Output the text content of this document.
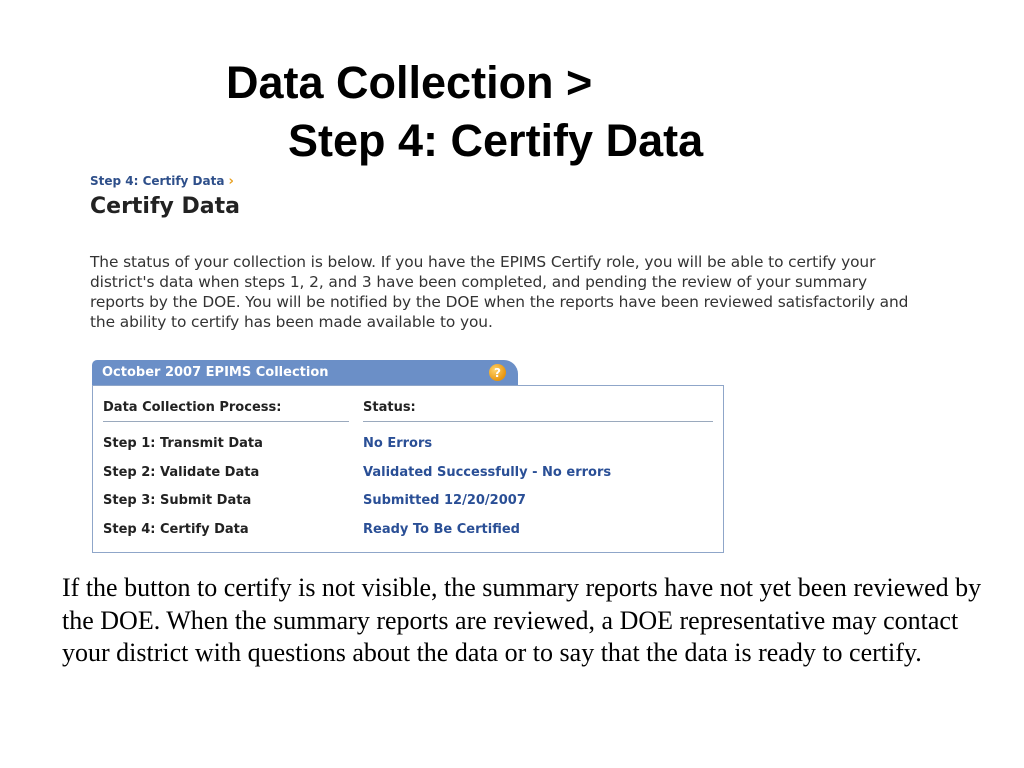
Data Collection >
Step 4: Certify Data
Step 4: Certify Data ›
Certify Data
The status of your collection is below. If you have the EPIMS Certify role, you will be able to certify your district's data when steps 1, 2, and 3 have been completed, and pending the review of your summary reports by the DOE. You will be notified by the DOE when the reports have been reviewed satisfactorily and the ability to certify has been made available to you.
October 2007 EPIMS Collection	?
Data Collection Process:	Status:
Step 1: Transmit Data	No Errors
Step 2: Validate Data	Validated Successfully - No errors
Step 3: Submit Data	Submitted 12/20/2007
Step 4: Certify Data	Ready To Be Certified
If the button to certify is not visible, the summary reports have not yet been reviewed by the DOE. When the summary reports are reviewed, a DOE representative may contact your district with questions about the data or to say that the data is ready to certify.
